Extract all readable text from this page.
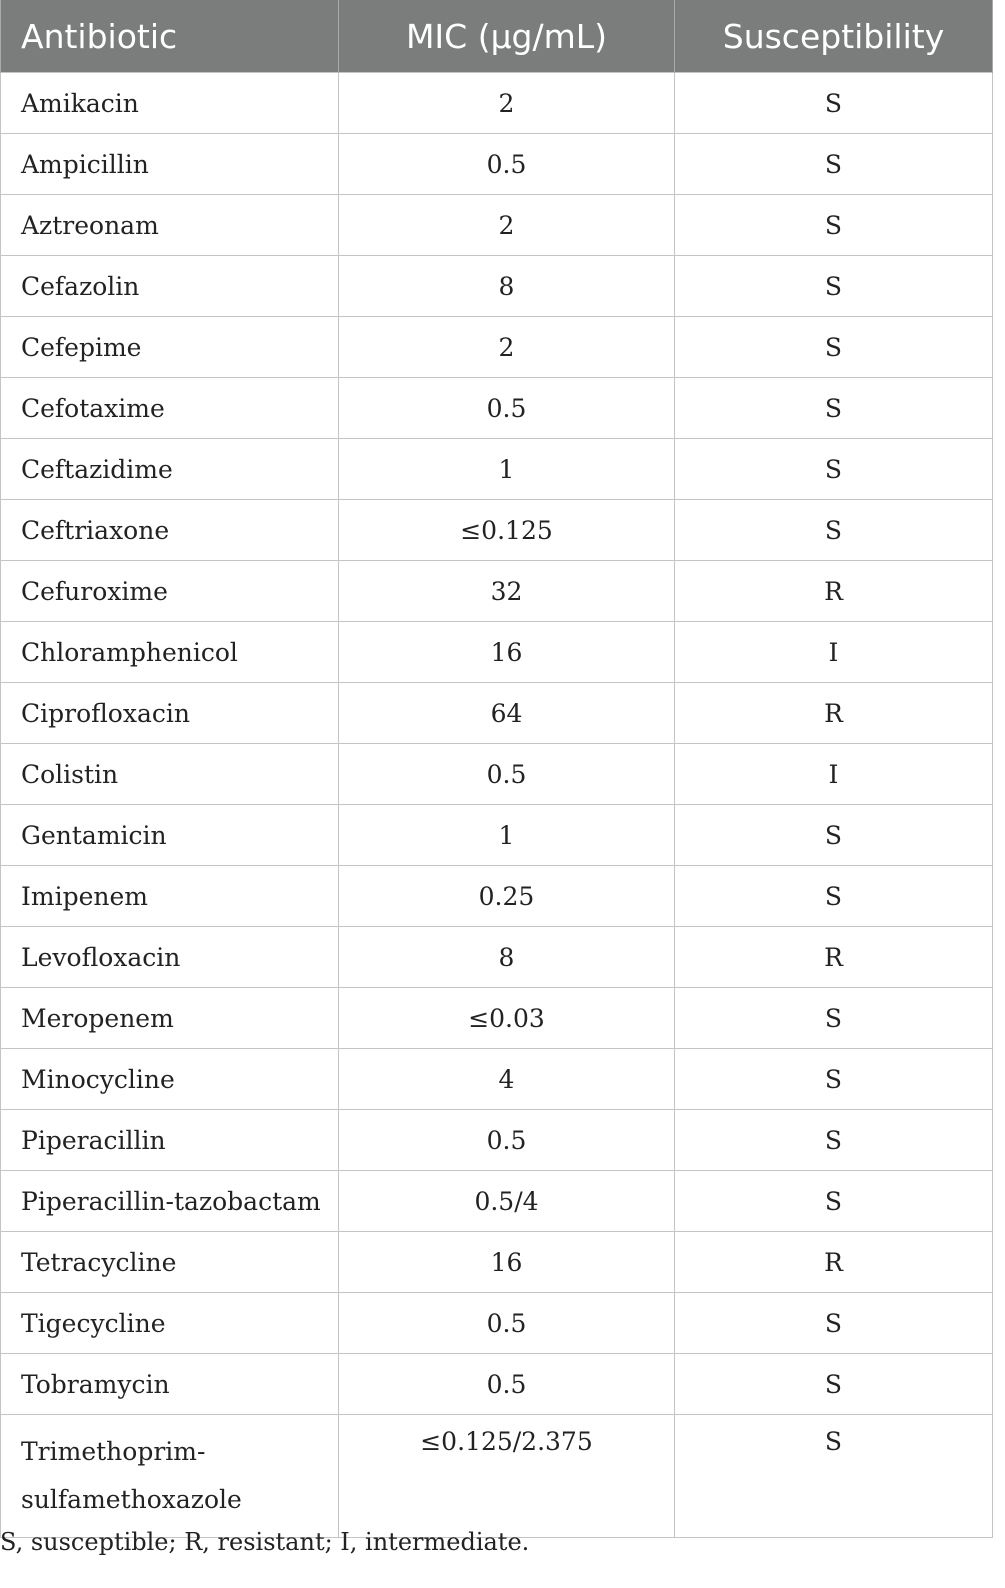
Antibiotic	MIC (μg/mL)	Susceptibility
Amikacin	2	S
Ampicillin	0.5	S
Aztreonam	2	S
Cefazolin	8	S
Cefepime	2	S
Cefotaxime	0.5	S
Ceftazidime	1	S
Ceftriaxone	≤0.125	S
Cefuroxime	32	R
Chloramphenicol	16	I
Ciprofloxacin	64	R
Colistin	0.5	I
Gentamicin	1	S
Imipenem	0.25	S
Levofloxacin	8	R
Meropenem	≤0.03	S
Minocycline	4	S
Piperacillin	0.5	S
Piperacillin-tazobactam	0.5/4	S
Tetracycline	16	R
Tigecycline	0.5	S
Tobramycin	0.5	S

Trimethoprim-
sulfamethoxazole	≤0.125/2.375	S
S, susceptible; R, resistant; I, intermediate.
